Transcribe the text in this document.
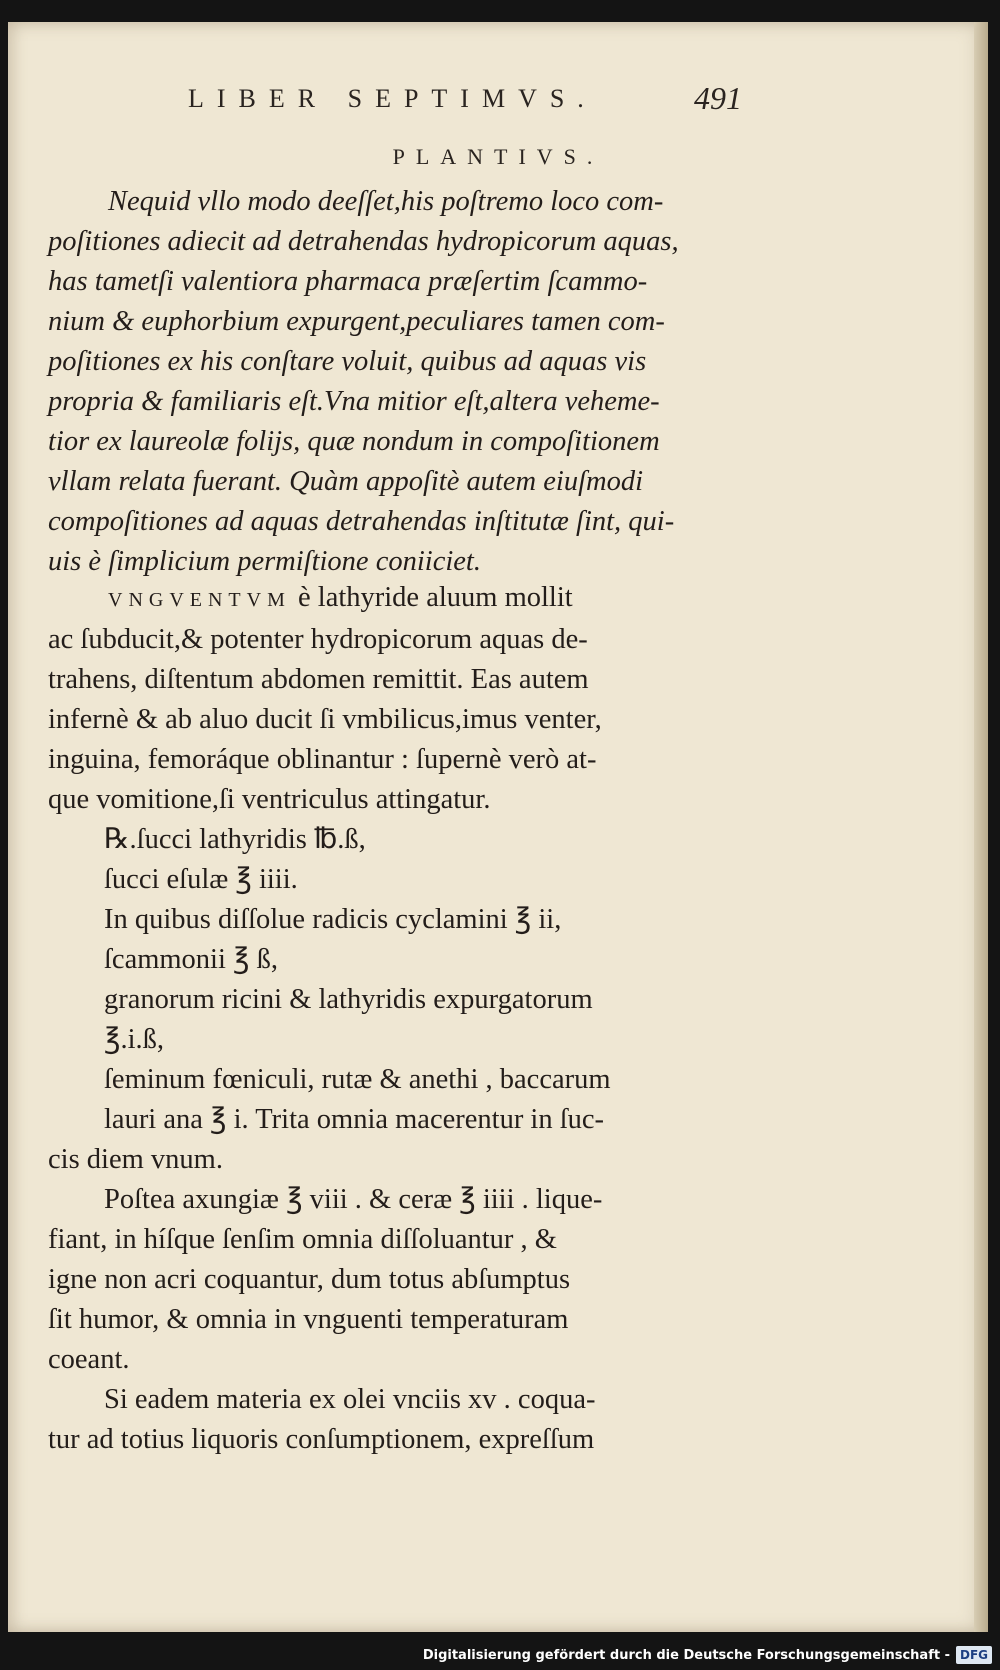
LIBER SEPTIMVS.	491
PLANTIVS.
Nequid vllo modo deeſſet,his poſtremo loco com-
poſitiones adiecit ad detrahendas hydropicorum aquas,
has tametſi valentiora pharmaca præſertim ſcammo-
nium & euphorbium expurgent,peculiares tamen com-
poſitiones ex his conſtare voluit, quibus ad aquas vis
propria & familiaris eſt.Vna mitior eſt,altera veheme-
tior ex laureolæ folijs, quæ nondum in compoſitionem
vllam relata fuerant. Quàm appoſitè autem eiuſmodi
compoſitiones ad aquas detrahendas inſtitutæ ſint, qui-
uis è ſimplicium permiſtione coniiciet.
VNGVENTVM è lathyride aluum mollit
ac ſubducit,& potenter hydropicorum aquas de-
trahens, diſtentum abdomen remittit. Eas autem
infernè & ab aluo ducit ſi vmbilicus,imus venter,
inguina, femoráque oblinantur : ſupernè verò at-
que vomitione,ſi ventriculus attingatur.
℞.ſucci lathyridis ℔.ß,
ſucci eſulæ ℥ iiii.
In quibus diſſolue radicis cyclamini ℥ ii,
ſcammonii ℥ ß,
granorum ricini & lathyridis expurgatorum
℥.i.ß,
ſeminum fœniculi, rutæ & anethi , baccarum
lauri ana ℥ i. Trita omnia macerentur in ſuc-
cis diem vnum.
Poſtea axungiæ ℥ viii . & ceræ ℥ iiii . lique-
fiant, in híſque ſenſim omnia diſſoluantur , &
igne non acri coquantur, dum totus abſumptus
ſit humor, & omnia in vnguenti temperaturam
coeant.
Si eadem materia ex olei vnciis xv . coqua-
tur ad totius liquoris conſumptionem, expreſſum
Digitalisierung gefördert durch die Deutsche Forschungsgemeinschaft - DFG
